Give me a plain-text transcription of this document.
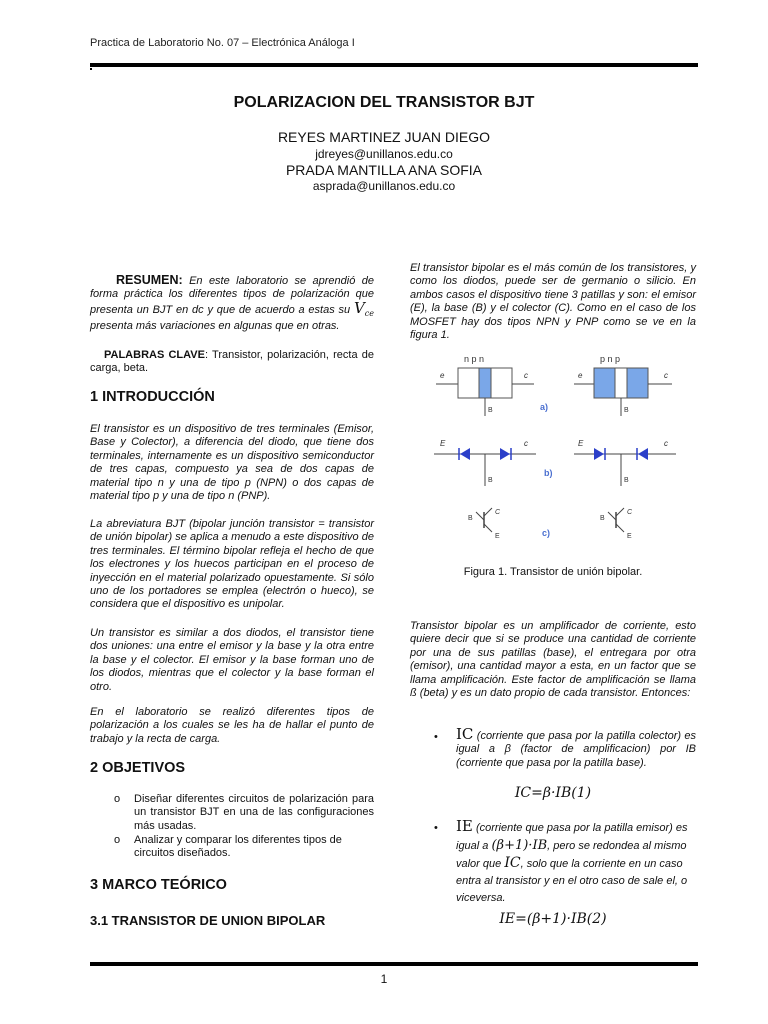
Practica de Laboratorio No. 07 – Electrónica Análoga I
POLARIZACION DEL TRANSISTOR BJT
REYES MARTINEZ JUAN DIEGO
jdreyes@unillanos.edu.co
PRADA MANTILLA ANA SOFIA
asprada@unillanos.edu.co
RESUMEN: En este laboratorio se aprendió de forma práctica los diferentes tipos de polarización que presenta un BJT en dc y que de acuerdo a estas su $V_{ce}$ presenta más variaciones en algunas que en otras.
PALABRAS CLAVE: Transistor, polarización, recta de carga, beta.
1 INTRODUCCIÓN
El transistor es un dispositivo de tres terminales (Emisor, Base y Colector), a diferencia del diodo, que tiene dos terminales, internamente es un dispositivo semiconductor de tres capas, compuesto ya sea de dos capas de material tipo n y una de tipo p (NPN) o dos capas de material tipo p y una de tipo n (PNP).
La abreviatura BJT (bipolar junción transistor = transistor de unión bipolar) se aplica a menudo a este dispositivo de tres terminales. El término bipolar refleja el hecho de que los electrones y los huecos participan en el proceso de inyección en el material polarizado opuestamente. Si sólo uno de los portadores se emplea (electrón o hueco), se considera que el dispositivo es unipolar.
Un transistor es similar a dos diodos, el transistor tiene dos uniones: una entre el emisor y la base y la otra entre la base y el colector. El emisor y la base forman uno de los diodos, mientras que el colector y la base forman el otro.
En el laboratorio se realizó diferentes tipos de polarización a los cuales se les ha de hallar el punto de trabajo y la recta de carga.
2 OBJETIVOS
o Diseñar diferentes circuitos de polarización para un transistor BJT en una de las configuraciones más usadas.
o Analizar y comparar los diferentes tipos de circuitos diseñados.
3 MARCO TEÓRICO
3.1 TRANSISTOR DE UNION BIPOLAR
El transistor bipolar es el más común de los transistores, y como los diodos, puede ser de germanio o silicio. En ambos casos el dispositivo tiene 3 patillas y son: el emisor (E), la base (B) y el colector (C). Como en el caso de los MOSFET hay dos tipos NPN y PNP como se ve en la figura 1.
n p n
e	c
B	a)
p n p
e	c
B
E	c
B
b)
E	c
B
B
C
E	c)
B
C
E
Figura 1. Transistor de unión bipolar.
Transistor bipolar es un amplificador de corriente, esto quiere decir que si se produce una cantidad de corriente por una de sus patillas (base), el entregara por otra (emisor), una cantidad mayor a esta, en un factor que se llama amplificación. Este factor de amplificación se llama ß (beta) y es un dato propio de cada transistor. Entonces:
• IC (corriente que pasa por la patilla colector) es igual a β (factor de amplificacion) por IB (corriente que pasa por la patilla base).
IC=β·IB(1)
• IE (corriente que pasa por la patilla emisor) es igual a (β+1)·IB, pero se redondea al mismo valor que IC, solo que la corriente en un caso entra al transistor y en el otro caso de sale el, o viceversa.
IE=(β+1)·IB(2)
1
